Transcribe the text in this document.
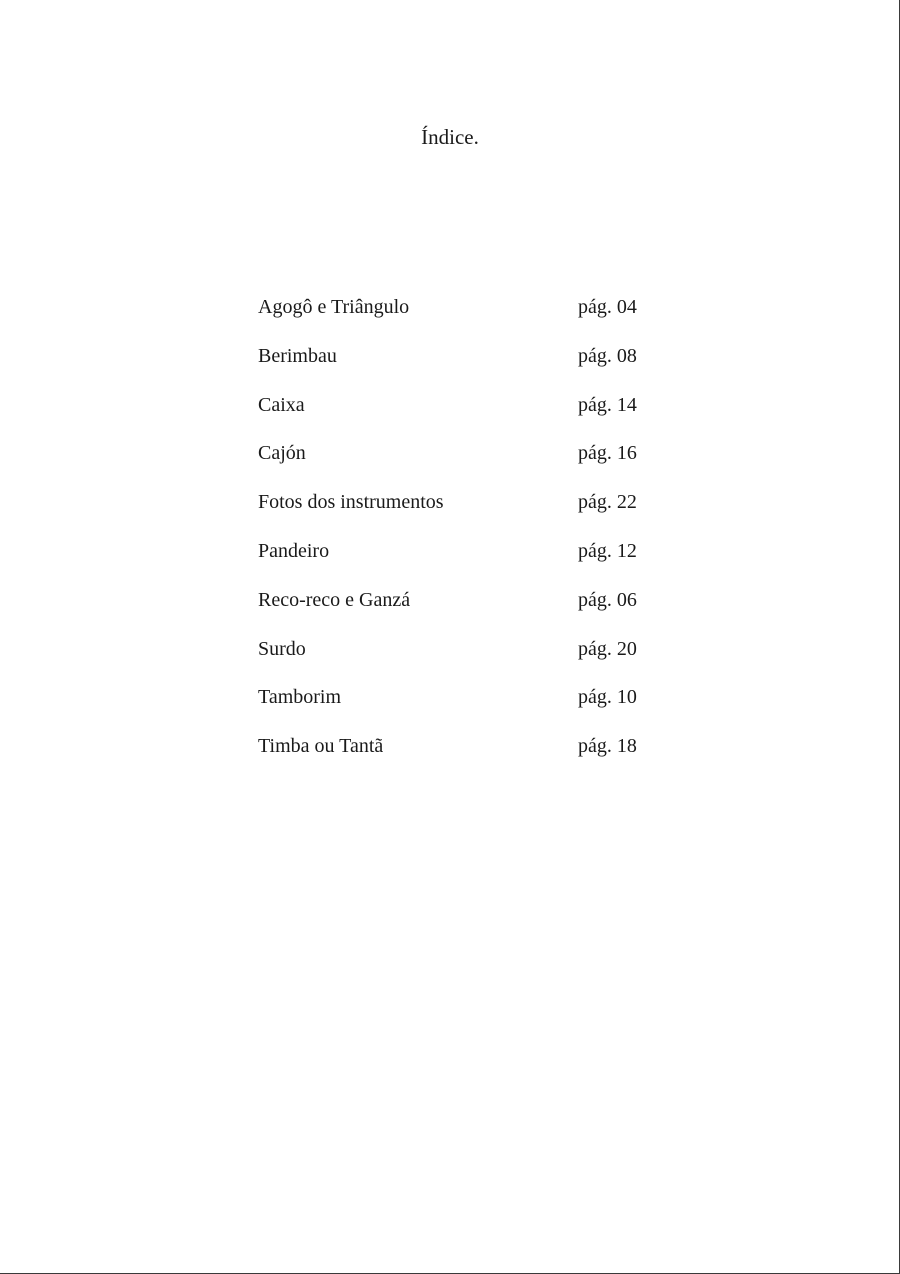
Índice.
Agogô e Triângulo	pág. 04
Berimbau	pág. 08
Caixa	pág. 14
Cajón	pág. 16
Fotos dos instrumentos	pág. 22
Pandeiro	pág. 12
Reco-reco e Ganzá	pág. 06
Surdo	pág. 20
Tamborim	pág. 10
Timba ou Tantã	pág. 18
